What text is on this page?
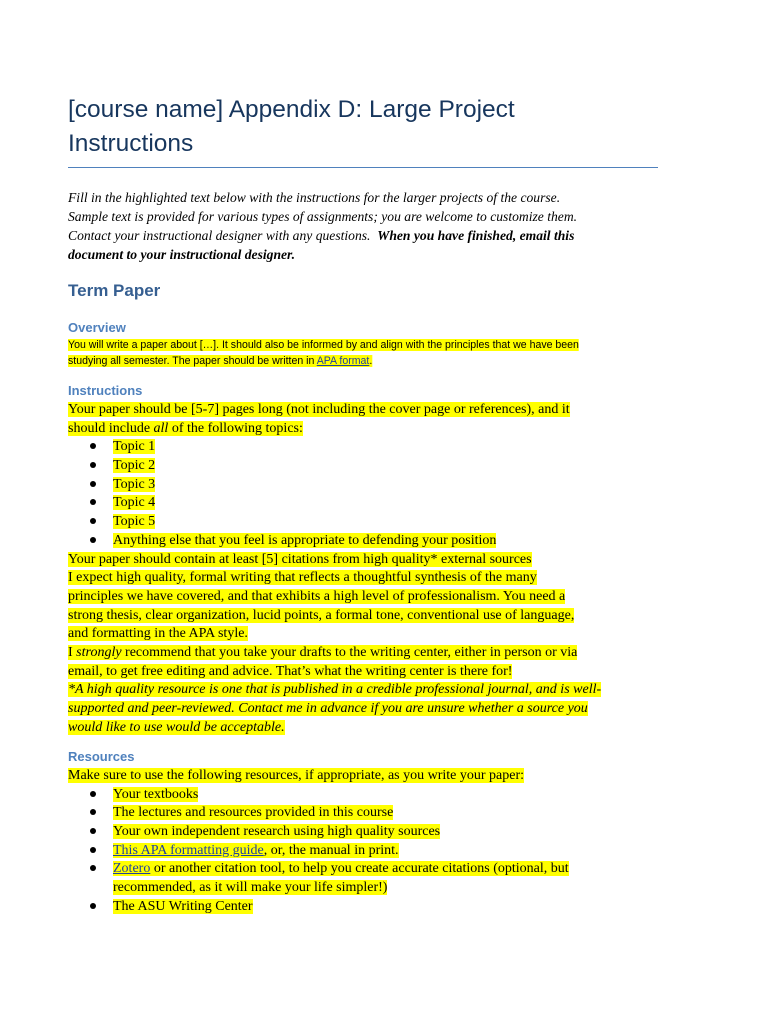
[course name] Appendix D: Large Project
Instructions
Fill in the highlighted text below with the instructions for the larger projects of the course.
Sample text is provided for various types of assignments; you are welcome to customize them.
Contact your instructional designer with any questions. When you have finished, email this
document to your instructional designer.
Term Paper
Overview
You will write a paper about […]. It should also be informed by and align with the principles that we have been
studying all semester. The paper should be written in APA format.
Instructions
Your paper should be [5-7] pages long (not including the cover page or references), and it
should include all of the following topics:
Topic 1
Topic 2
Topic 3
Topic 4
Topic 5
Anything else that you feel is appropriate to defending your position
Your paper should contain at least [5] citations from high quality* external sources
I expect high quality, formal writing that reflects a thoughtful synthesis of the many
principles we have covered, and that exhibits a high level of professionalism. You need a
strong thesis, clear organization, lucid points, a formal tone, conventional use of language,
and formatting in the APA style.
I strongly recommend that you take your drafts to the writing center, either in person or via
email, to get free editing and advice. That’s what the writing center is there for!
*A high quality resource is one that is published in a credible professional journal, and is well-
supported and peer-reviewed. Contact me in advance if you are unsure whether a source you
would like to use would be acceptable.
Resources
Make sure to use the following resources, if appropriate, as you write your paper:
Your textbooks
The lectures and resources provided in this course
Your own independent research using high quality sources
This APA formatting guide, or, the manual in print.
Zotero or another citation tool, to help you create accurate citations (optional, but
recommended, as it will make your life simpler!)
The ASU Writing Center
